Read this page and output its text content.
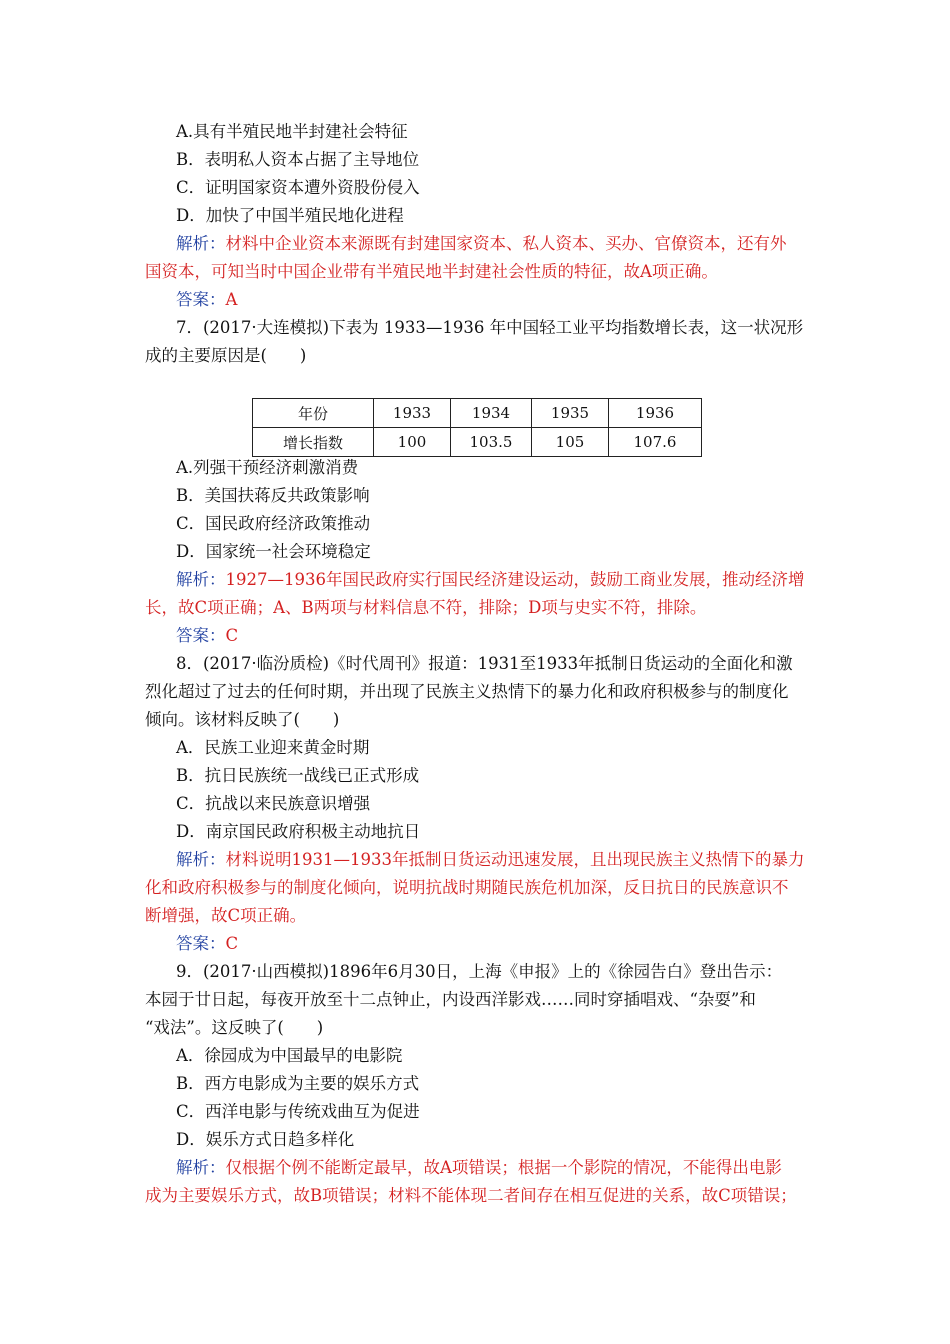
A.具有半殖民地半封建社会特征
B．表明私人资本占据了主导地位
C．证明国家资本遭外资股份侵入
D．加快了中国半殖民地化进程
解析：材料中企业资本来源既有封建国家资本、私人资本、买办、官僚资本，还有外
国资本，可知当时中国企业带有半殖民地半封建社会性质的特征，故A项正确。
答案：A
7．(2017·大连模拟)下表为 1933—1936 年中国轻工业平均指数增长表，这一状况形
成的主要原因是(　　)
年份	1933	1934	1935	1936
增长指数	100	103.5	105	107.6
A.列强干预经济刺激消费
B．美国扶蒋反共政策影响
C．国民政府经济政策推动
D．国家统一社会环境稳定
解析：1927—1936年国民政府实行国民经济建设运动，鼓励工商业发展，推动经济增
长，故C项正确；A、B两项与材料信息不符，排除；D项与史实不符，排除。
答案：C
8．(2017·临汾质检)《时代周刊》报道：1931至1933年抵制日货运动的全面化和激
烈化超过了过去的任何时期，并出现了民族主义热情下的暴力化和政府积极参与的制度化
倾向。该材料反映了(　　)
A．民族工业迎来黄金时期
B．抗日民族统一战线已正式形成
C．抗战以来民族意识增强
D．南京国民政府积极主动地抗日
解析：材料说明1931—1933年抵制日货运动迅速发展，且出现民族主义热情下的暴力
化和政府积极参与的制度化倾向，说明抗战时期随民族危机加深，反日抗日的民族意识不
断增强，故C项正确。
答案：C
9．(2017·山西模拟)1896年6月30日，上海《申报》上的《徐园告白》登出告示：
本园于廿日起，每夜开放至十二点钟止，内设西洋影戏……同时穿插唱戏、“杂耍”和
“戏法”。这反映了(　　)
A．徐园成为中国最早的电影院
B．西方电影成为主要的娱乐方式
C．西洋电影与传统戏曲互为促进
D．娱乐方式日趋多样化
解析：仅根据个例不能断定最早，故A项错误；根据一个影院的情况，不能得出电影
成为主要娱乐方式，故B项错误；材料不能体现二者间存在相互促进的关系，故C项错误；
